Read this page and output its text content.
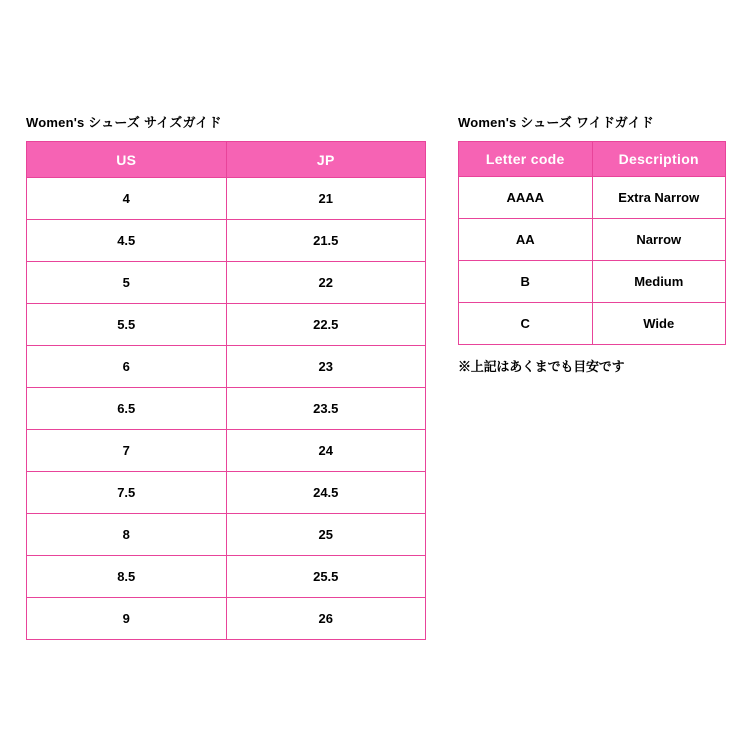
Women's シューズ サイズガイド
US	JP
4	21
4.5	21.5
5	22
5.5	22.5
6	23
6.5	23.5
7	24
7.5	24.5
8	25
8.5	25.5
9	26
Women's シューズ ワイドガイド
Letter code	Description
AAAA	Extra Narrow
AA	Narrow
B	Medium
C	Wide
※上記はあくまでも目安です
